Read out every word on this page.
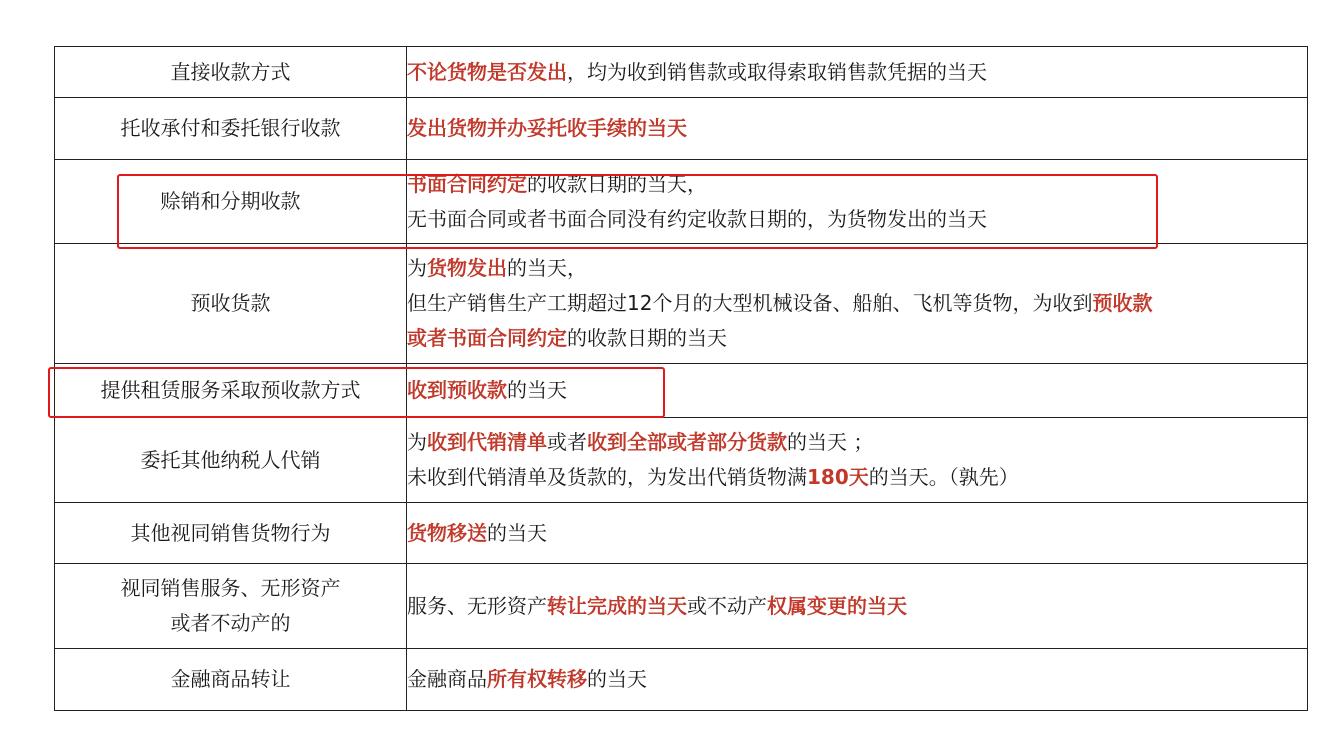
直接收款方式	不论货物是否发出，均为收到销售款或取得索取销售款凭据的当天

托收承付和委托银行收款	发出货物并办妥托收手续的当天

赊销和分期收款	书面合同约定的收款日期的当天，
无书面合同或者书面合同没有约定收款日期的，为货物发出的当天

预收货款	为货物发出的当天，
但生产销售生产工期超过12个月的大型机械设备、船舶、飞机等货物，为收到预收款
或者书面合同约定的收款日期的当天

提供租赁服务采取预收款方式	收到预收款的当天

委托其他纳税人代销	为收到代销清单或者收到全部或者部分货款的当天 ；
未收到代销清单及货款的，为发出代销货物满180天的当天。（孰先）

其他视同销售货物行为	货物移送的当天

视同销售服务、无形资产
或者不动产的	服务、无形资产转让完成的当天或不动产权属变更的当天

金融商品转让	金融商品所有权转移的当天
